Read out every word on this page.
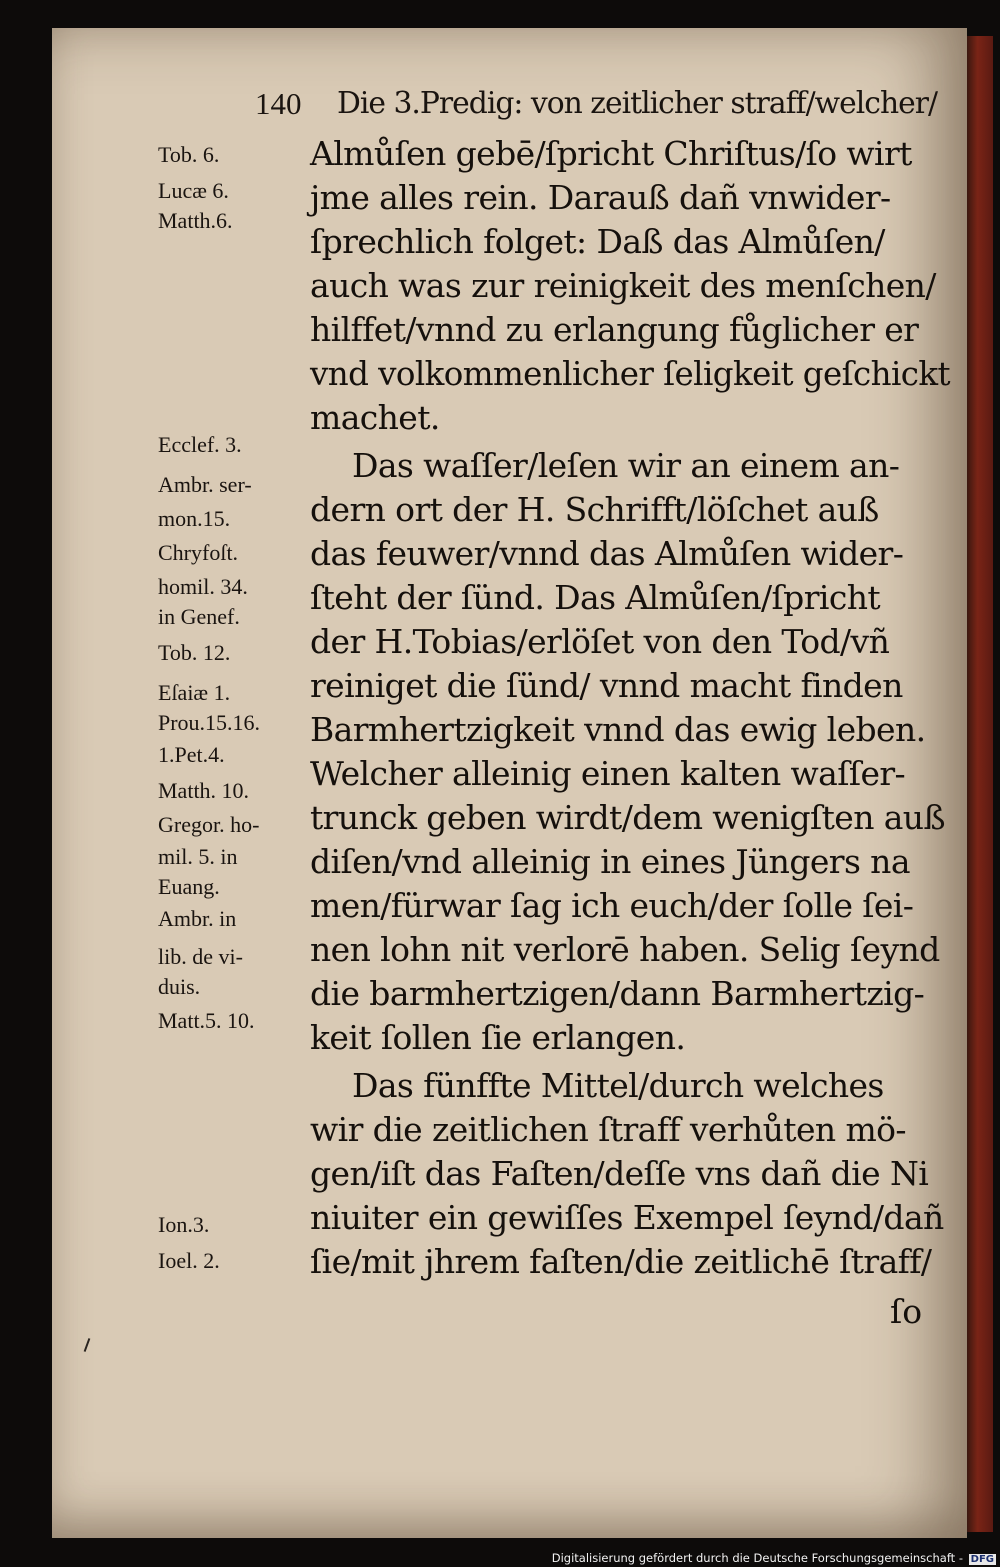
140 Die 3.Predig: von zeitlicher straff/welcher/
Tob. 6.
Lucæ 6.
Matth.6.
Ecclef. 3.
Ambr. ser-
mon.15.
Chryfoſt.
homil. 34.
in Genef.
Tob. 12.
Eſaiæ 1.
Prou.15.16.
1.Pet.4.
Matth. 10.
Gregor. ho-
mil. 5. in
Euang.
Ambr. in
lib. de vi-
duis.
Matt.5. 10.
Ion.3.
Ioel. 2.
Almůſen gebē/ſpricht Chriſtus/ſo wirt
jme alles rein. Darauß dañ vnwider-
ſprechlich folget: Daß das Almůſen/
auch was zur reinigkeit des menſchen/
hilffet/vnnd zu erlangung fůglicher er
vnd volkommenlicher ſeligkeit geſchickt
machet.
Das waſſer/leſen wir an einem an-
dern ort der H. Schrifft/löſchet auß
das feuwer/vnnd das Almůſen wider-
ſteht der ſünd. Das Almůſen/ſpricht
der H.Tobias/erlöſet von den Tod/vñ
reiniget die ſünd/ vnnd macht finden
Barmhertzigkeit vnnd das ewig leben.
Welcher alleinig einen kalten waſſer-
trunck geben wirdt/dem wenigſten auß
diſen/vnd alleinig in eines Jüngers na
men/fürwar ſag ich euch/der ſolle ſei-
nen lohn nit verlorē haben. Selig ſeynd
die barmhertzigen/dann Barmhertzig-
keit ſollen ſie erlangen.
Das fünffte Mittel/durch welches
wir die zeitlichen ſtraff verhůten mö-
gen/iſt das Faſten/deſſe vns dañ die Ni
niuiter ein gewiſſes Exempel ſeynd/dañ
ſie/mit jhrem faſten/die zeitlichē ſtraff/
ſo
Digitalisierung gefördert durch die Deutsche Forschungsgemeinschaft - DFG
